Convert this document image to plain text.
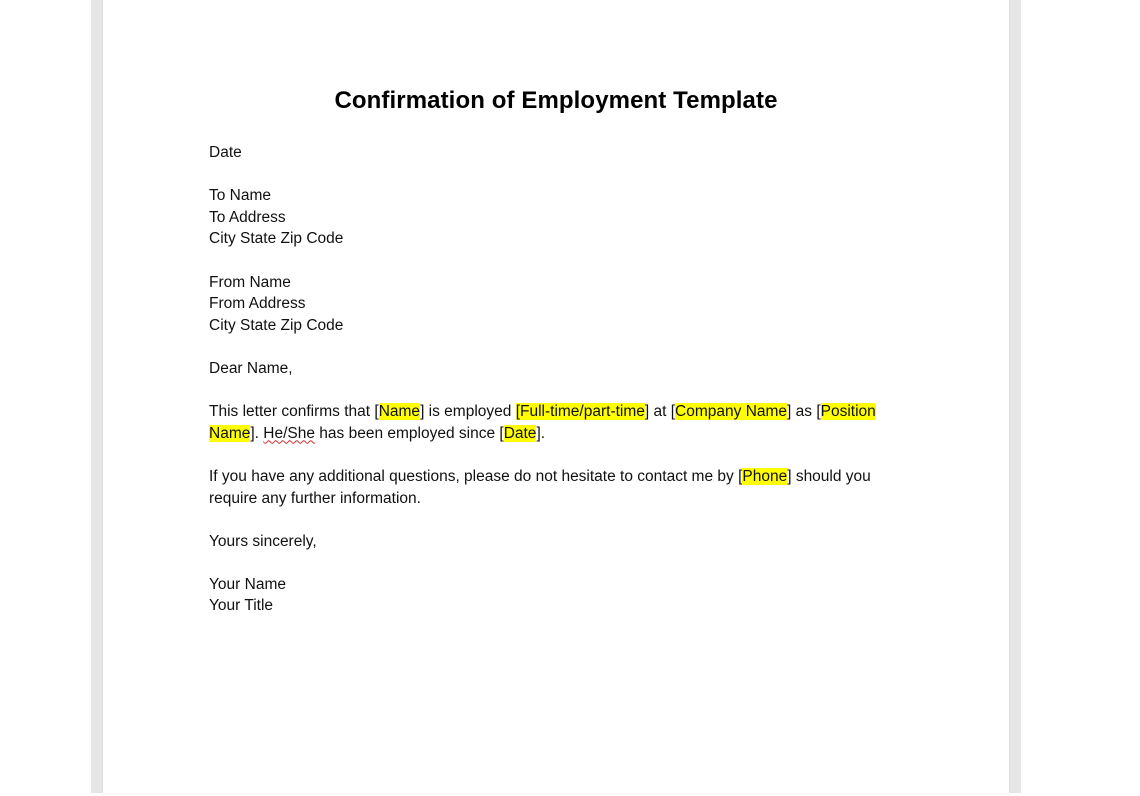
Confirmation of Employment Template

Date

To Name

To Address

City State Zip Code

From Name

From Address

City State Zip Code

Dear Name,

This letter confirms that [Name] is employed [Full-time/part-time] at [Company Name] as [Position
Name]. He/She has been employed since [Date].

If you have any additional questions, please do not hesitate to contact me by [Phone] should you require any further information.

Yours sincerely,

Your Name

Your Title
